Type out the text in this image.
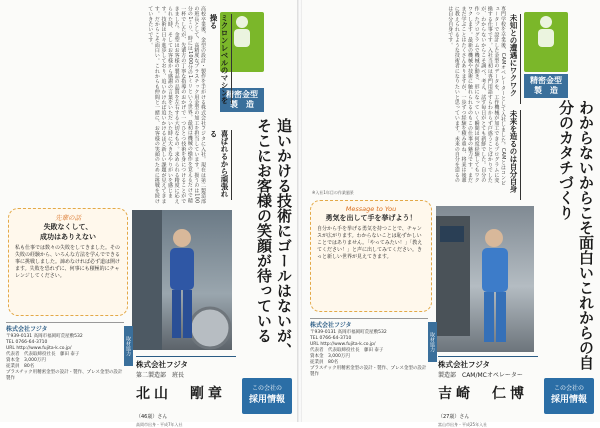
高校卒業後、金型の設計・製作を手がける株式会社フジタに入社。現在は第二製造部の班長として、高精度なプラスチック用金型の加工を担当しています。扱うのは100分の1ミリ、時には1000分の1ミリという世界。最初は機械の操作を覚えるだけで精一杯でしたが、先輩方の丁寧な指導のおかげで一つひとつ技術を身につけることができました。金型はお客様の製品の品質を左右する大切なもの。求められる精度に応えられた時、そしてお客様から感謝の言葉をいただいた時に大きなやりがいを感じます。技術は日々進歩しており、追いかければ追いかけるほど新しい課題が見えてきます。だからこそ面白い。これからも仲間と一緒に、お客様の笑顔のために挑戦を続けていきたいです。
精密金型
製　造
ミクロンレベルのマシンを操る
喜ばれるから頑張れる	追いかける技術にゴールはないが、そこにお客様の笑顔が待っている
先輩の話
失敗なくして、
成功はありえない
私も仕事では数々の失敗をしてきました。その失敗の経験から、いろんな方法を学んでできる事に挑戦しました。諦めなければ必ず道は開けます。失敗を恐れずに、何事にも積極的にチャレンジしてください。
株式会社フジタ
〒939-0131 高岡市福岡町荒屋敷532
TEL 0766-64-3710
URL http://www.fujita-k.co.jp/
代表者　代表取締役社長　藤田 泰子
資本金　3,000万円
従業員　80名
プラスチック用精密金型の設計・製作、プレス金型の設計製作
取材協力
株式会社フジタ
第二製造部　班長
北山　剛章（46歳）さん
高岡市出身・平成7年入社
この会社の
採用情報
専門学校を卒業後、CAMオペレーターとして入社しました。CAMとはコンピューターで設計した金型のデータを、工作機械が加工できるプログラムに変換する仕事です。入社当初は専門用語すらわからず戸惑うことばかりでしたが、わからないからこそ調べ、考え、試す毎日がとても新鮮でした。自分の作ったプログラムで機械が動き、形になっていく瞬間は何度経験してもワクワクします。最新の機械や技術に触れられるのもこの仕事の魅力です。まだまだ学ぶことはたくさんありますが、一歩ずつ経験を積み重ね、将来は後輩に教えられるような技術者になりたいと思っています。未来の自分を造るのは自分自身です。
※入社1年目の作業風景
未知との遭遇にワクワク
未来を造るのは自分自身
精密金型
製　造
わからないからこそ面白いこれからの自分のカタチづくり
Message to You
勇気を出して手を挙げよう！
自分から手を挙げる勇気を持つことで、チャンスが広がります。わからないことは恥ずかしいことではありません。「やってみたい！」「教えてください！」と声に出してみてください。きっと新しい世界が見えてきます。
株式会社フジタ
〒939-0131 高岡市福岡町荒屋敷532
TEL 0766-64-3710
URL http://www.fujita-k.co.jp/
代表者　代表取締役社長　藤田 泰子
資本金　3,000万円
従業員　80名
プラスチック用精密金型の設計・製作、プレス金型の設計製作
取材協力
株式会社フジタ
製造部　CAM/MCオペレーター
吉崎　仁博（27歳）さん
富山市出身・平成25年入社
この会社の
採用情報
